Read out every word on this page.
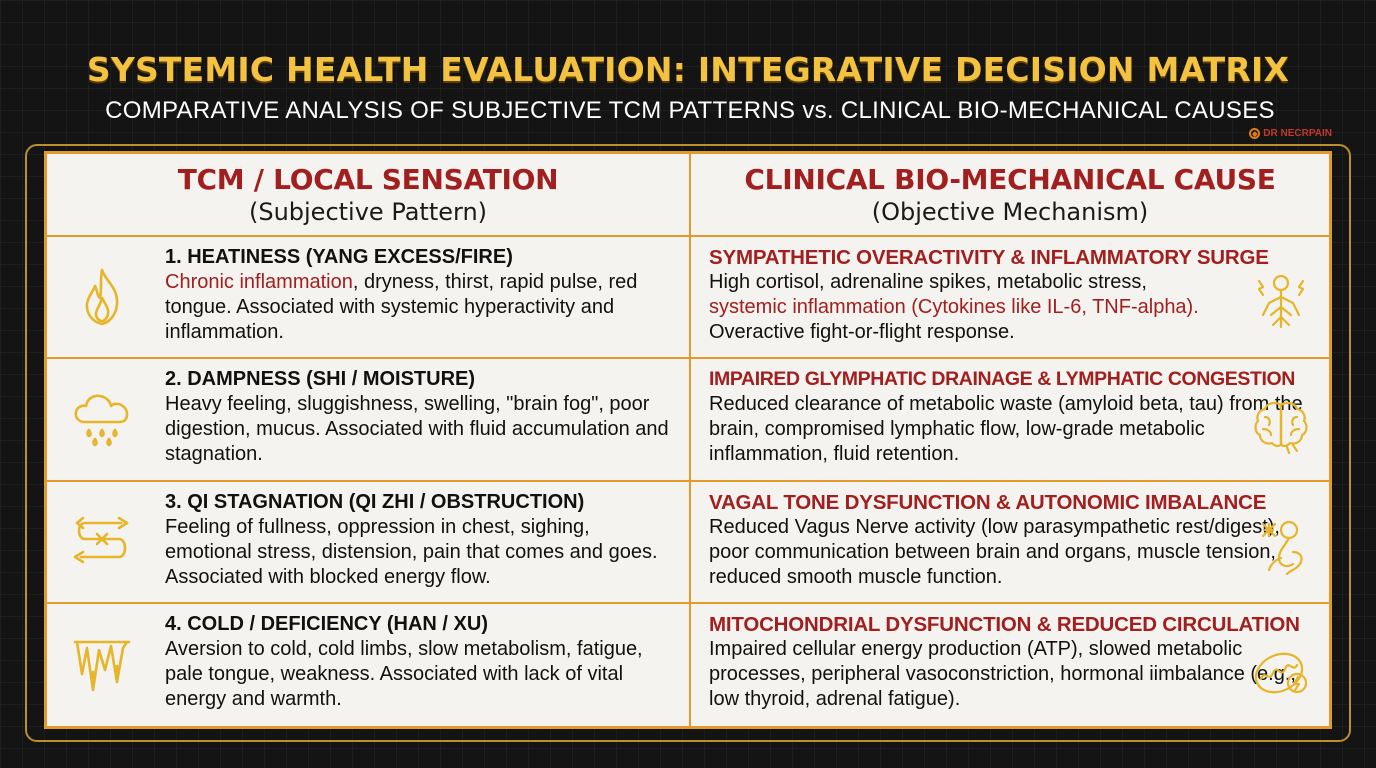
SYSTEMIC HEALTH EVALUATION: INTEGRATIVE DECISION MATRIX
COMPARATIVE ANALYSIS OF SUBJECTIVE TCM PATTERNS vs. CLINICAL BIO-MECHANICAL CAUSES
◆ DR NECRPAIN
TCM / LOCAL SENSATION
(Subjective Pattern)
CLINICAL BIO-MECHANICAL CAUSE
(Objective Mechanism)
1. HEATINESS (YANG EXCESS/FIRE)
Chronic inflammation, dryness, thirst, rapid pulse, red tongue. Associated with systemic hyperactivity and inflammation.
SYMPATHETIC OVERACTIVITY & INFLAMMATORY SURGE
High cortisol, adrenaline spikes, metabolic stress,
systemic inflammation (Cytokines like IL-6, TNF-alpha).
Overactive fight-or-flight response.
2. DAMPNESS (SHI / MOISTURE)
Heavy feeling, sluggishness, swelling, "brain fog", poor digestion, mucus. Associated with fluid accumulation and stagnation.
IMPAIRED GLYMPHATIC DRAINAGE & LYMPHATIC CONGESTION
Reduced clearance of metabolic waste (amyloid beta, tau) from the brain, compromised lymphatic flow, low-grade metabolic inflammation, fluid retention.
3. QI STAGNATION (QI ZHI / OBSTRUCTION)
Feeling of fullness, oppression in chest, sighing, emotional stress, distension, pain that comes and goes. Associated with blocked energy flow.
VAGAL TONE DYSFUNCTION & AUTONOMIC IMBALANCE
Reduced Vagus Nerve activity (low parasympathetic rest/digest), poor communication between brain and organs, muscle tension, reduced smooth muscle function.
4. COLD / DEFICIENCY (HAN / XU)
Aversion to cold, cold limbs, slow metabolism, fatigue, pale tongue, weakness. Associated with lack of vital energy and warmth.
MITOCHONDRIAL DYSFUNCTION & REDUCED CIRCULATION
Impaired cellular energy production (ATP), slowed metabolic processes, peripheral vasoconstriction, hormonal iimbalance (e.g., low thyroid, adrenal fatigue).
